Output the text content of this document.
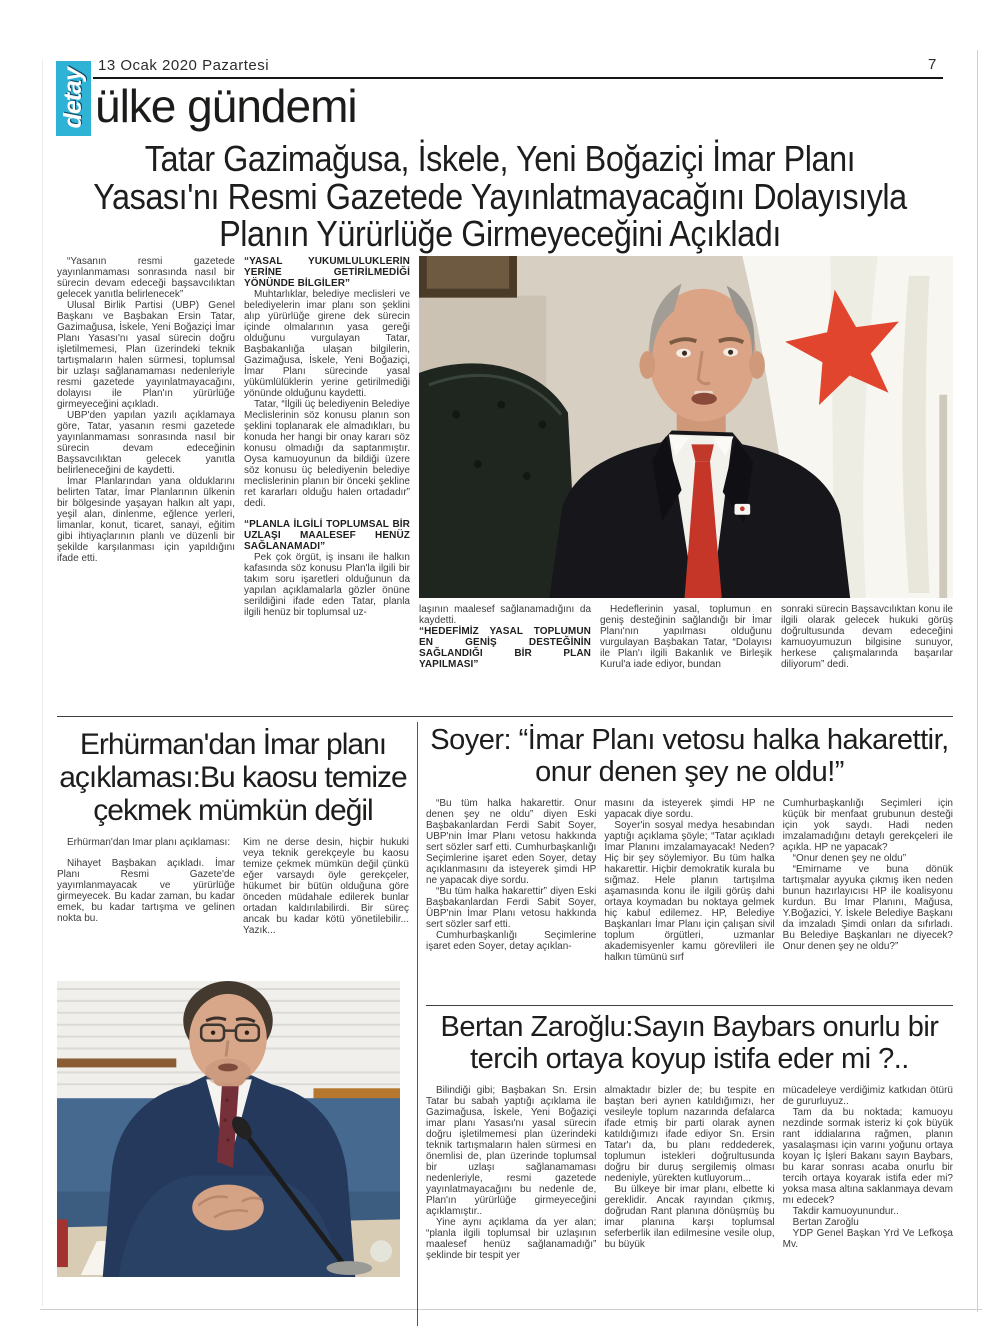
detay
13 Ocak 2020 Pazartesi	7
ülke gündemi
Tatar Gazimağusa, İskele, Yeni Boğaziçi İmar Planı Yasası'nı Resmi Gazetede Yayınlatmayacağını Dolayısıyla Planın Yürürlüğe Girmeyeceğini Açıkladı

“Yasanın resmi gazetede yayınlanmaması sonrasında nasıl bir sürecin devam edeceği başsavcılıktan gelecek yanıtla belirlenecek”

Ulusal Birlik Partisi (UBP) Genel Başkanı ve Başbakan Ersin Tatar, Gazimağusa, İskele, Yeni Boğaziçi İmar Planı Yasası'nı yasal sürecin doğru işletilmemesi, Plan üzerindeki teknik tartışmaların halen sürmesi, toplumsal bir uzlaşı sağlanamaması nedenleriyle resmi gazetede yayınlatmayacağını, dolayısı ile Plan'ın yürürlüğe girmeyeceğini açıkladı.

UBP'den yapılan yazılı açıklamaya göre, Tatar, yasanın resmi gazetede yayınlanmaması sonrasında nasıl bir sürecin devam edeceğinin Başsavcılıktan gelecek yanıtla belirleneceğini de kaydetti.

İmar Planlarından yana olduklarını belirten Tatar, İmar Planlarının ülkenin bir bölgesinde yaşayan halkın alt yapı, yeşil alan, dinlenme, eğlence yerleri, limanlar, konut, ticaret, sanayi, eğitim gibi ihtiyaçlarının planlı ve düzenli bir şekilde karşılanması için yapıldığını ifade etti.

“YASAL YÜKÜMLÜLÜKLERİN YERİNE GETİRİLMEDİĞİ YÖNÜNDE BİLGİLER”

Muhtarlıklar, belediye meclisleri ve belediyelerin imar planı son şeklini alıp yürürlüğe girene dek sürecin içinde olmalarının yasa gereği olduğunu vurgulayan Tatar, Başbakanlığa ulaşan bilgilerin, Gazimağusa, İskele, Yeni Boğaziçi, İmar Planı sürecinde yasal yükümlülüklerin yerine getirilmediği yönünde olduğunu kaydetti.

Tatar, “İlgili üç belediyenin Belediye Meclislerinin söz konusu planın son şeklini toplanarak ele almadıkları, bu konuda her hangi bir onay kararı söz konusu olmadığı da saptanmıştır. Oysa kamuoyunun da bildiği üzere söz konusu üç belediyenin belediye meclislerinin planın bir önceki şekline ret kararları olduğu halen ortadadır” dedi.

“PLANLA İLGİLİ TOPLUMSAL BİR UZLAŞI MAALESEF HENÜZ SAĞLANAMADI”

Pek çok örgüt, iş insanı ile halkın kafasında söz konusu Plan'la ilgili bir takım soru işaretleri olduğunun da yapılan açıklamalarla gözler önüne serildiğini ifade eden Tatar, planla ilgili henüz bir toplumsal uz-	laşının maalesef sağlanamadığını da kaydetti.

“HEDEFİMİZ YASAL TOPLUMUN EN GENİŞ DESTEĞİNİN SAĞLANDIĞI BİR PLAN YAPILMASI”

Hedeflerinin yasal, toplumun en geniş desteğinin sağlandığı bir İmar Planı'nın yapılması olduğunu vurgulayan Başbakan Tatar, “Dolayısı ile Plan'ı ilgili Bakanlık ve Birleşik Kurul'a iade ediyor, bundan

sonraki sürecin Başsavcılıktan konu ile ilgili olarak gelecek hukuki görüş doğrultusunda devam edeceğini kamuoyumuzun bilgisine sunuyor, herkese çalışmalarında başarılar diliyorum” dedi.

Erhürman'dan İmar planı açıklaması:Bu kaosu temize çekmek mümkün değil

Erhürman'dan İmar planı açıklaması:

Nihayet Başbakan açıkladı. İmar Planı Resmi Gazete'de yayımlanmayacak ve yürürlüğe girmeyecek. Bu kadar zaman, bu kadar emek, bu kadar tartışma ve gelinen nokta bu.

Kim ne derse desin, hiçbir hukuki veya teknik gerekçeyle bu kaosu temize çekmek mümkün değil çünkü eğer varsaydı öyle gerekçeler, hükumet bir bütün olduğuna göre önceden müdahale edilerek bunlar ortadan kaldırılabilirdi. Bir süreç ancak bu kadar kötü yönetilebilir... Yazık...

Soyer: “İmar Planı vetosu halka hakarettir, onur denen şey ne oldu!”

“Bu tüm halka hakarettir. Onur denen şey ne oldu” diyen Eski Başbakanlardan Ferdi Sabit Soyer, UBP'nin İmar Planı vetosu hakkında sert sözler sarf etti. Cumhurbaşkanlığı Seçimlerine işaret eden Soyer, detay açıklanmasını da isteyerek şimdi HP ne yapacak diye sordu.

“Bu tüm halka hakarettir” diyen Eski Başbakanlardan Ferdi Sabit Soyer, ÜBP'nin İmar Planı vetosu hakkında sert sözler sarf etti.

Cumhurbaşkanlığı Seçimlerine işaret eden Soyer, detay açıklan-

masını da isteyerek şimdi HP ne yapacak diye sordu.

Soyer'in sosyal medya hesabından yaptığı açıklama şöyle; “Tatar açıkladı İmar Planını imzalamayacak! Neden? Hiç bir şey söylemiyor. Bu tüm halka hakarettir. Hiçbir demokratik kurala bu sığmaz. Hele planın tartışılma aşamasında konu ile ilgili görüş dahi ortaya koymadan bu noktaya gelmek hiç kabul edilemez. HP, Belediye Başkanları İmar Planı için çalışan sivil toplum örgütleri, uzmanlar akademisyenler kamu görevlileri ile halkın tümünü sırf

Cumhurbaşkanlığı Seçimleri için küçük bir menfaat grubunun desteği için yok saydı. Hadi neden imzalamadığını detaylı gerekçeleri ile açıkla. HP ne yapacak?

“Onur denen şey ne oldu”

“Emirname ve buna dönük tartışmalar ayyuka çıkmış iken neden bunun hazırlayıcısı HP ile koalisyonu kurdun. Bu İmar Planını, Mağusa, Y.Boğazici, Y. İskele Belediye Başkanı da imzaladı Şimdi onları da sıfırladı. Bu Belediye Başkanları ne diyecek? Onur denen şey ne oldu?”

Bertan Zaroğlu:Sayın Baybars onurlu bir tercih ortaya koyup istifa eder mi ?..

Bilindiği gibi; Başbakan Sn. Ersin Tatar bu sabah yaptığı açıklama ile Gazimağusa, İskele, Yeni Boğaziçi imar planı Yasası'nı yasal sürecin doğru işletilmemesi plan üzerindeki teknik tartışmaların halen sürmesi en önemlisi de, plan üzerinde toplumsal bir uzlaşı sağlanamaması nedenleriyle, resmi gazetede yayınlatmayacağını bu nedenle de, Plan'ın yürürlüğe girmeyeceğini açıklamıştır..

Yine aynı açıklama da yer alan; “planla ilgili toplumsal bir uzlaşının maalesef henüz sağlanamadığı” şeklinde bir tespit yer

almaktadır bizler de; bu tespite en baştan beri aynen katıldığımızı, her vesileyle toplum nazarında defalarca ifade etmiş bir parti olarak aynen katıldığımızı ifade ediyor Sn. Ersin Tatar'ı da, bu planı reddederek, toplumun istekleri doğrultusunda doğru bir duruş sergilemiş olması nedeniyle, yürekten kutluyorum...

Bu ülkeye bir imar planı, elbette ki gereklidir. Ancak rayından çıkmış, doğrudan Rant planına dönüşmüş bu imar planına karşı toplumsal seferberlik ilan edilmesine vesile olup, bu büyük

mücadeleye verdiğimiz katkıdan ötürü de gururluyuz..

Tam da bu noktada; kamuoyu nezdinde sormak isteriz ki çok büyük rant iddialarına rağmen, planın yasalaşması için varını yoğunu ortaya koyan İç İşleri Bakanı sayın Baybars, bu karar sonrası acaba onurlu bir tercih ortaya koyarak istifa eder mi? yoksa masa altına saklanmaya devam mı edecek?

Takdir kamuoyunundur..

Bertan Zaroğlu

YDP Genel Başkan Yrd Ve Lefkoşa Mv.
